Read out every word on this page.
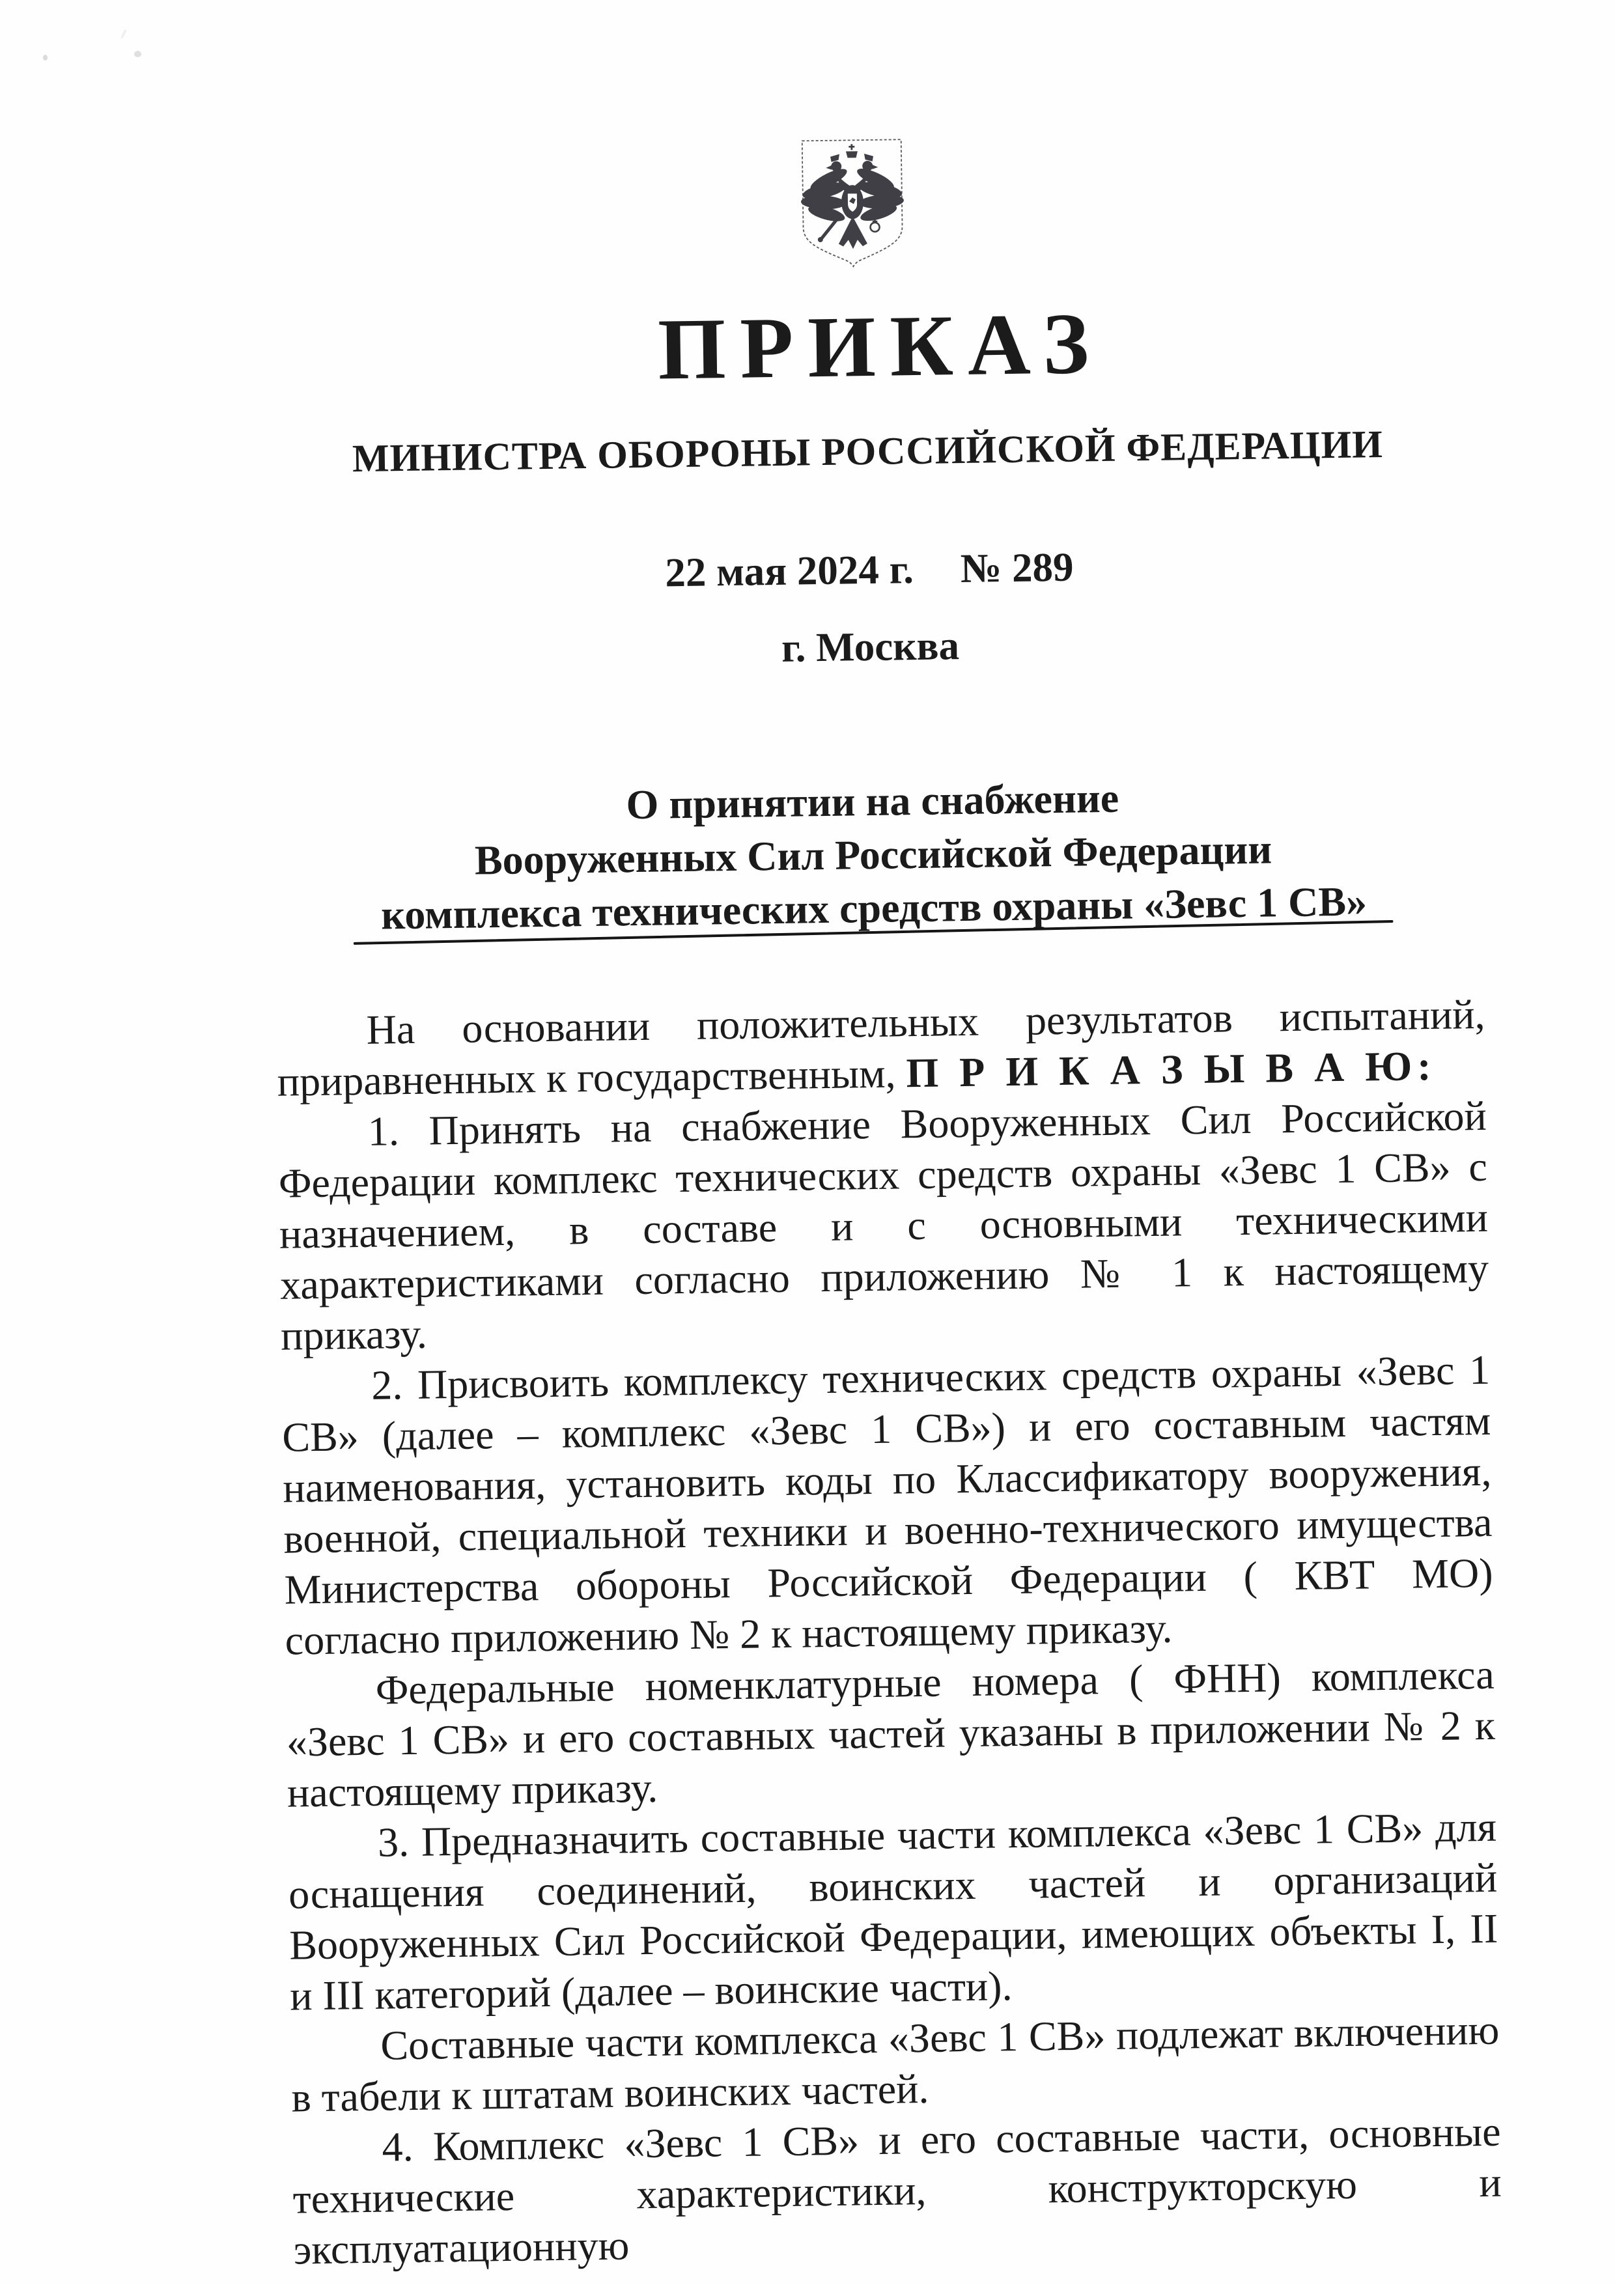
ПРИКАЗ
МИНИСТРА ОБОРОНЫ РОССИЙСКОЙ ФЕДЕРАЦИИ
22 мая 2024 г. № 289
г. Москва
О принятии на снабжение
Вооруженных Сил Российской Федерации
комплекса технических средств охраны «Зевс 1 СВ»

На основании положительных результатов испытаний, приравненных к государственным, П Р И К А З Ы В А Ю:

1. Принять на снабжение Вооруженных Сил Российской Федерации комплекс технических средств охраны «Зевс 1 СВ» с назначением, в составе и с основными техническими характеристиками согласно приложению № 1 к настоящему приказу.

2. Присвоить комплексу технических средств охраны «Зевс 1 СВ» (далее – комплекс «Зевс 1 СВ») и его составным частям наименования, установить коды по Классификатору вооружения, военной, специальной техники и военно-технического имущества Министерства обороны Российской Федерации ( КВТ МО) согласно приложению № 2 к настоящему приказу.

Федеральные номенклатурные номера ( ФНН) комплекса «Зевс 1 СВ» и его составных частей указаны в приложении № 2 к настоящему приказу.

3. Предназначить составные части комплекса «Зевс 1 СВ» для оснащения соединений, воинских частей и организаций Вооруженных Сил Российской Федерации, имеющих объекты I, II и III категорий (далее – воинские части).

Составные части комплекса «Зевс 1 СВ» подлежат включению в табели к штатам воинских частей.

4. Комплекс «Зевс 1 СВ» и его составные части, основные технические характеристики, конструкторскую и эксплуатационную
